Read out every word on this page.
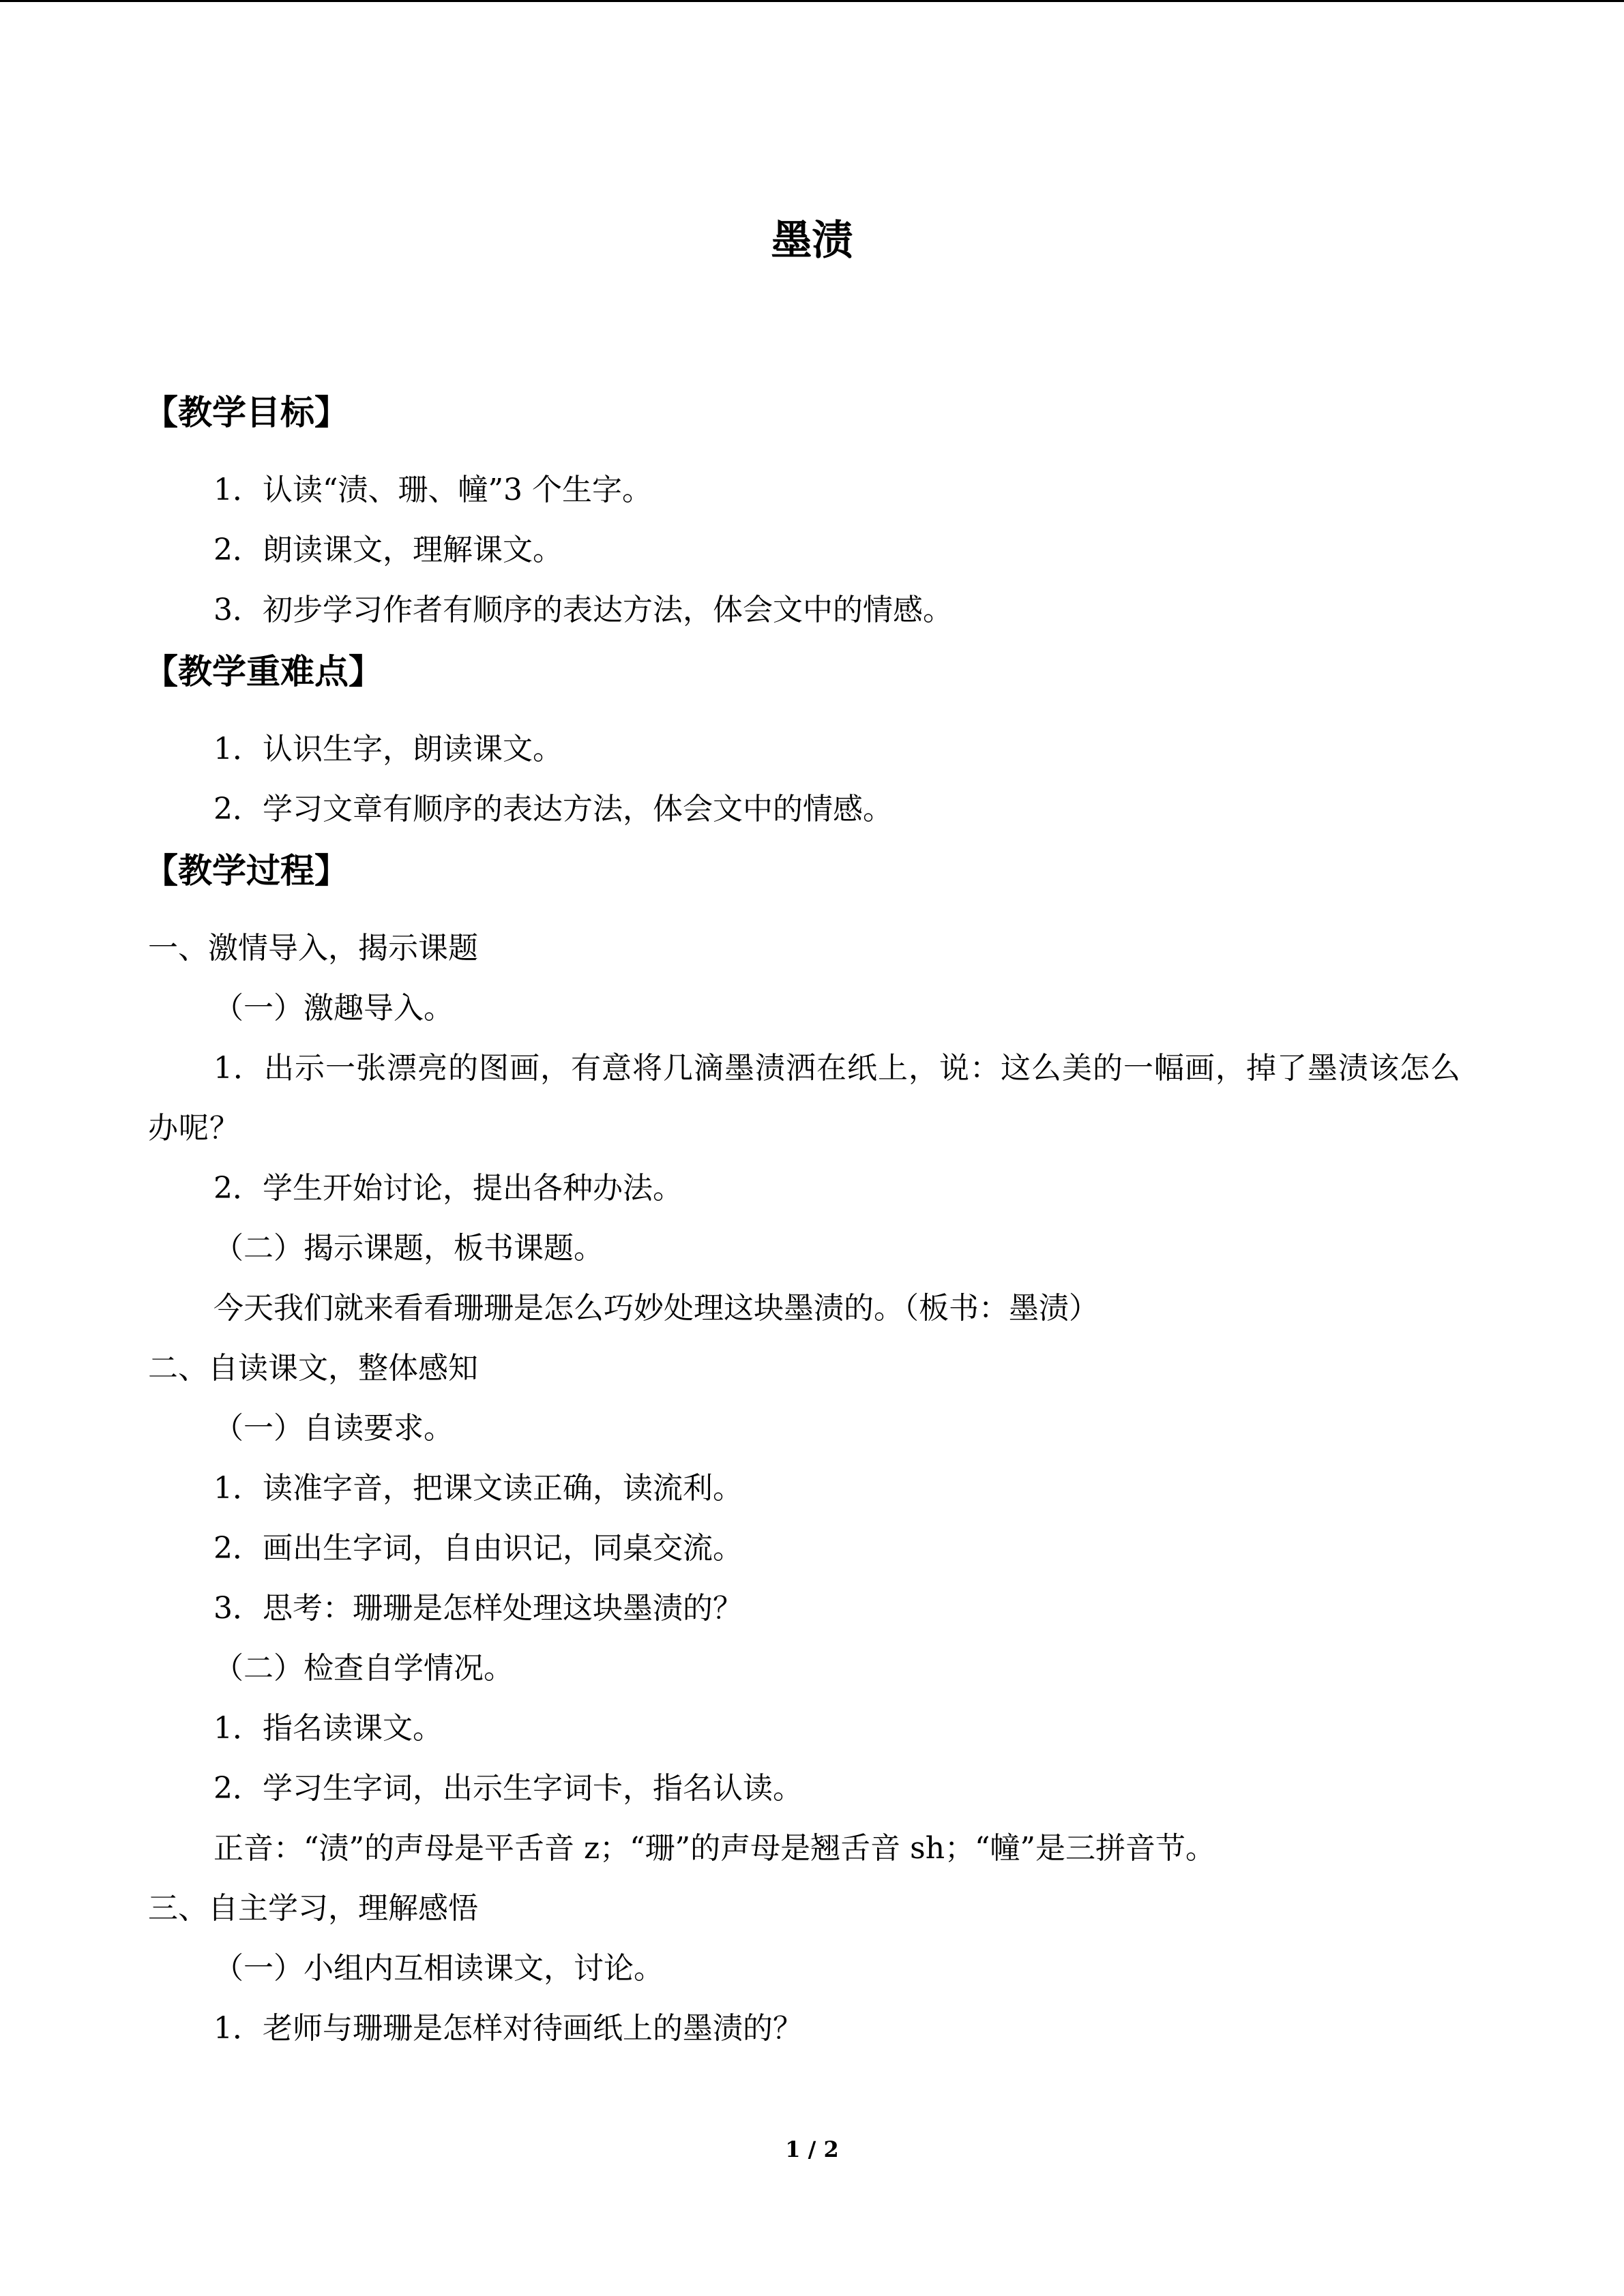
墨渍
【教学目标】

1．认读“渍、珊、幢”3 个生字。

2．朗读课文，理解课文。

3．初步学习作者有顺序的表达方法，体会文中的情感。

【教学重难点】

1．认识生字，朗读课文。

2．学习文章有顺序的表达方法，体会文中的情感。

【教学过程】

一、激情导入，揭示课题

（一）激趣导入。

1．出示一张漂亮的图画，有意将几滴墨渍洒在纸上，说：这么美的一幅画，掉了墨渍该怎么办呢？

2．学生开始讨论，提出各种办法。

（二）揭示课题，板书课题。

今天我们就来看看珊珊是怎么巧妙处理这块墨渍的。（板书：墨渍）

二、自读课文，整体感知

（一）自读要求。

1．读准字音，把课文读正确，读流利。

2．画出生字词，自由识记，同桌交流。

3．思考：珊珊是怎样处理这块墨渍的？

（二）检查自学情况。

1．指名读课文。

2．学习生字词，出示生字词卡，指名认读。

正音：“渍”的声母是平舌音 z；“珊”的声母是翘舌音 sh；“幢”是三拼音节。

三、自主学习，理解感悟

（一）小组内互相读课文，讨论。

1．老师与珊珊是怎样对待画纸上的墨渍的？

1 / 2
